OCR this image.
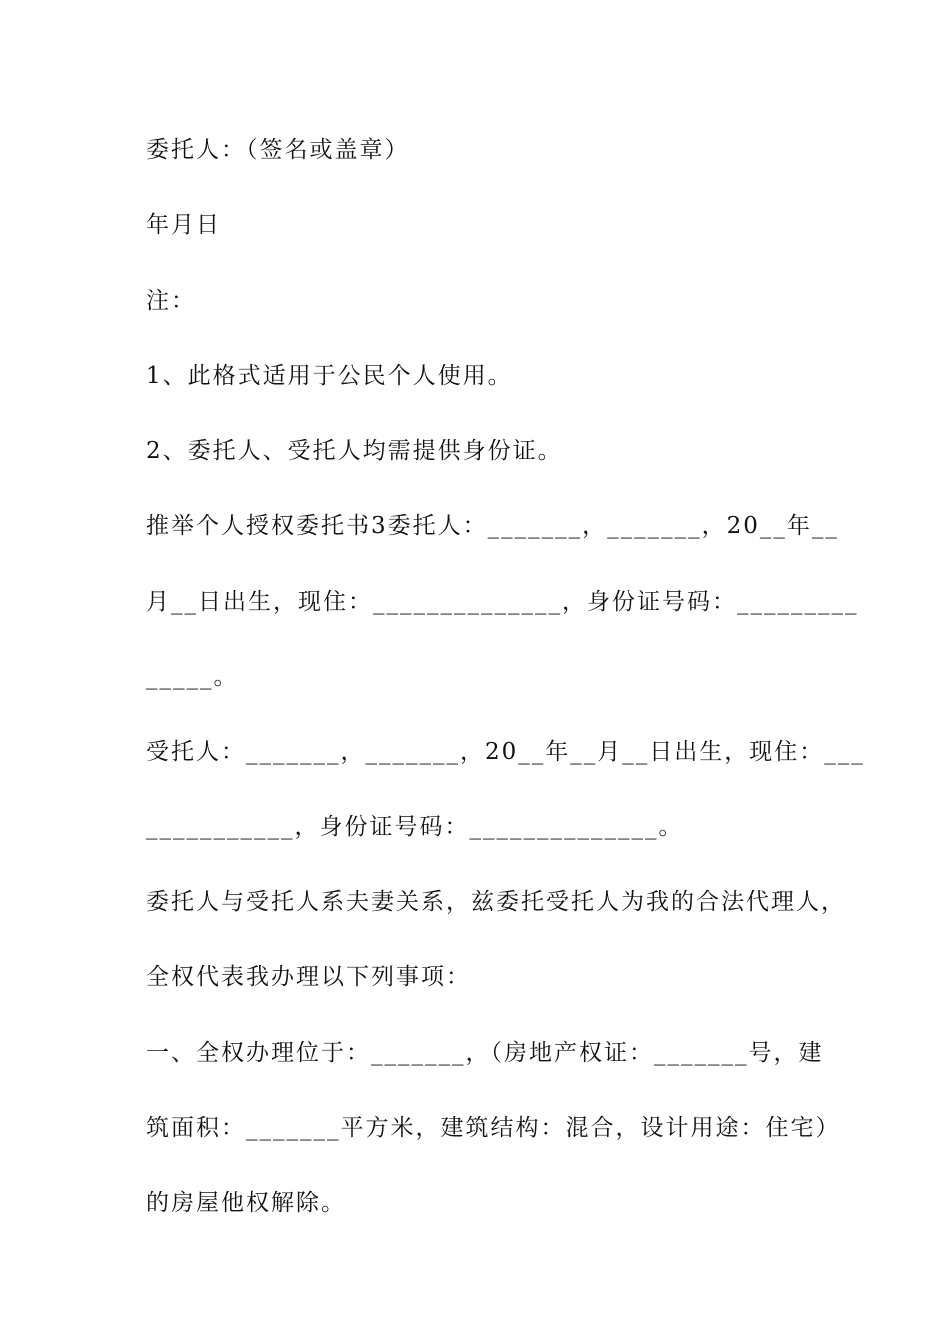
委托人：（签名或盖章）
年月日
注：
1、此格式适用于公民个人使用。
2、委托人、受托人均需提供身份证。
推举个人授权委托书3委托人：_______，_______，20__年__
月__日出生，现住：______________，身份证号码：_________
_____。
受托人：_______，_______，20__年__月__日出生，现住：___
___________，身份证号码：______________。
委托人与受托人系夫妻关系，兹委托受托人为我的合法代理人，
全权代表我办理以下列事项：
一、全权办理位于：_______，（房地产权证：_______号，建
筑面积：_______平方米，建筑结构：混合，设计用途：住宅）
的房屋他权解除。
